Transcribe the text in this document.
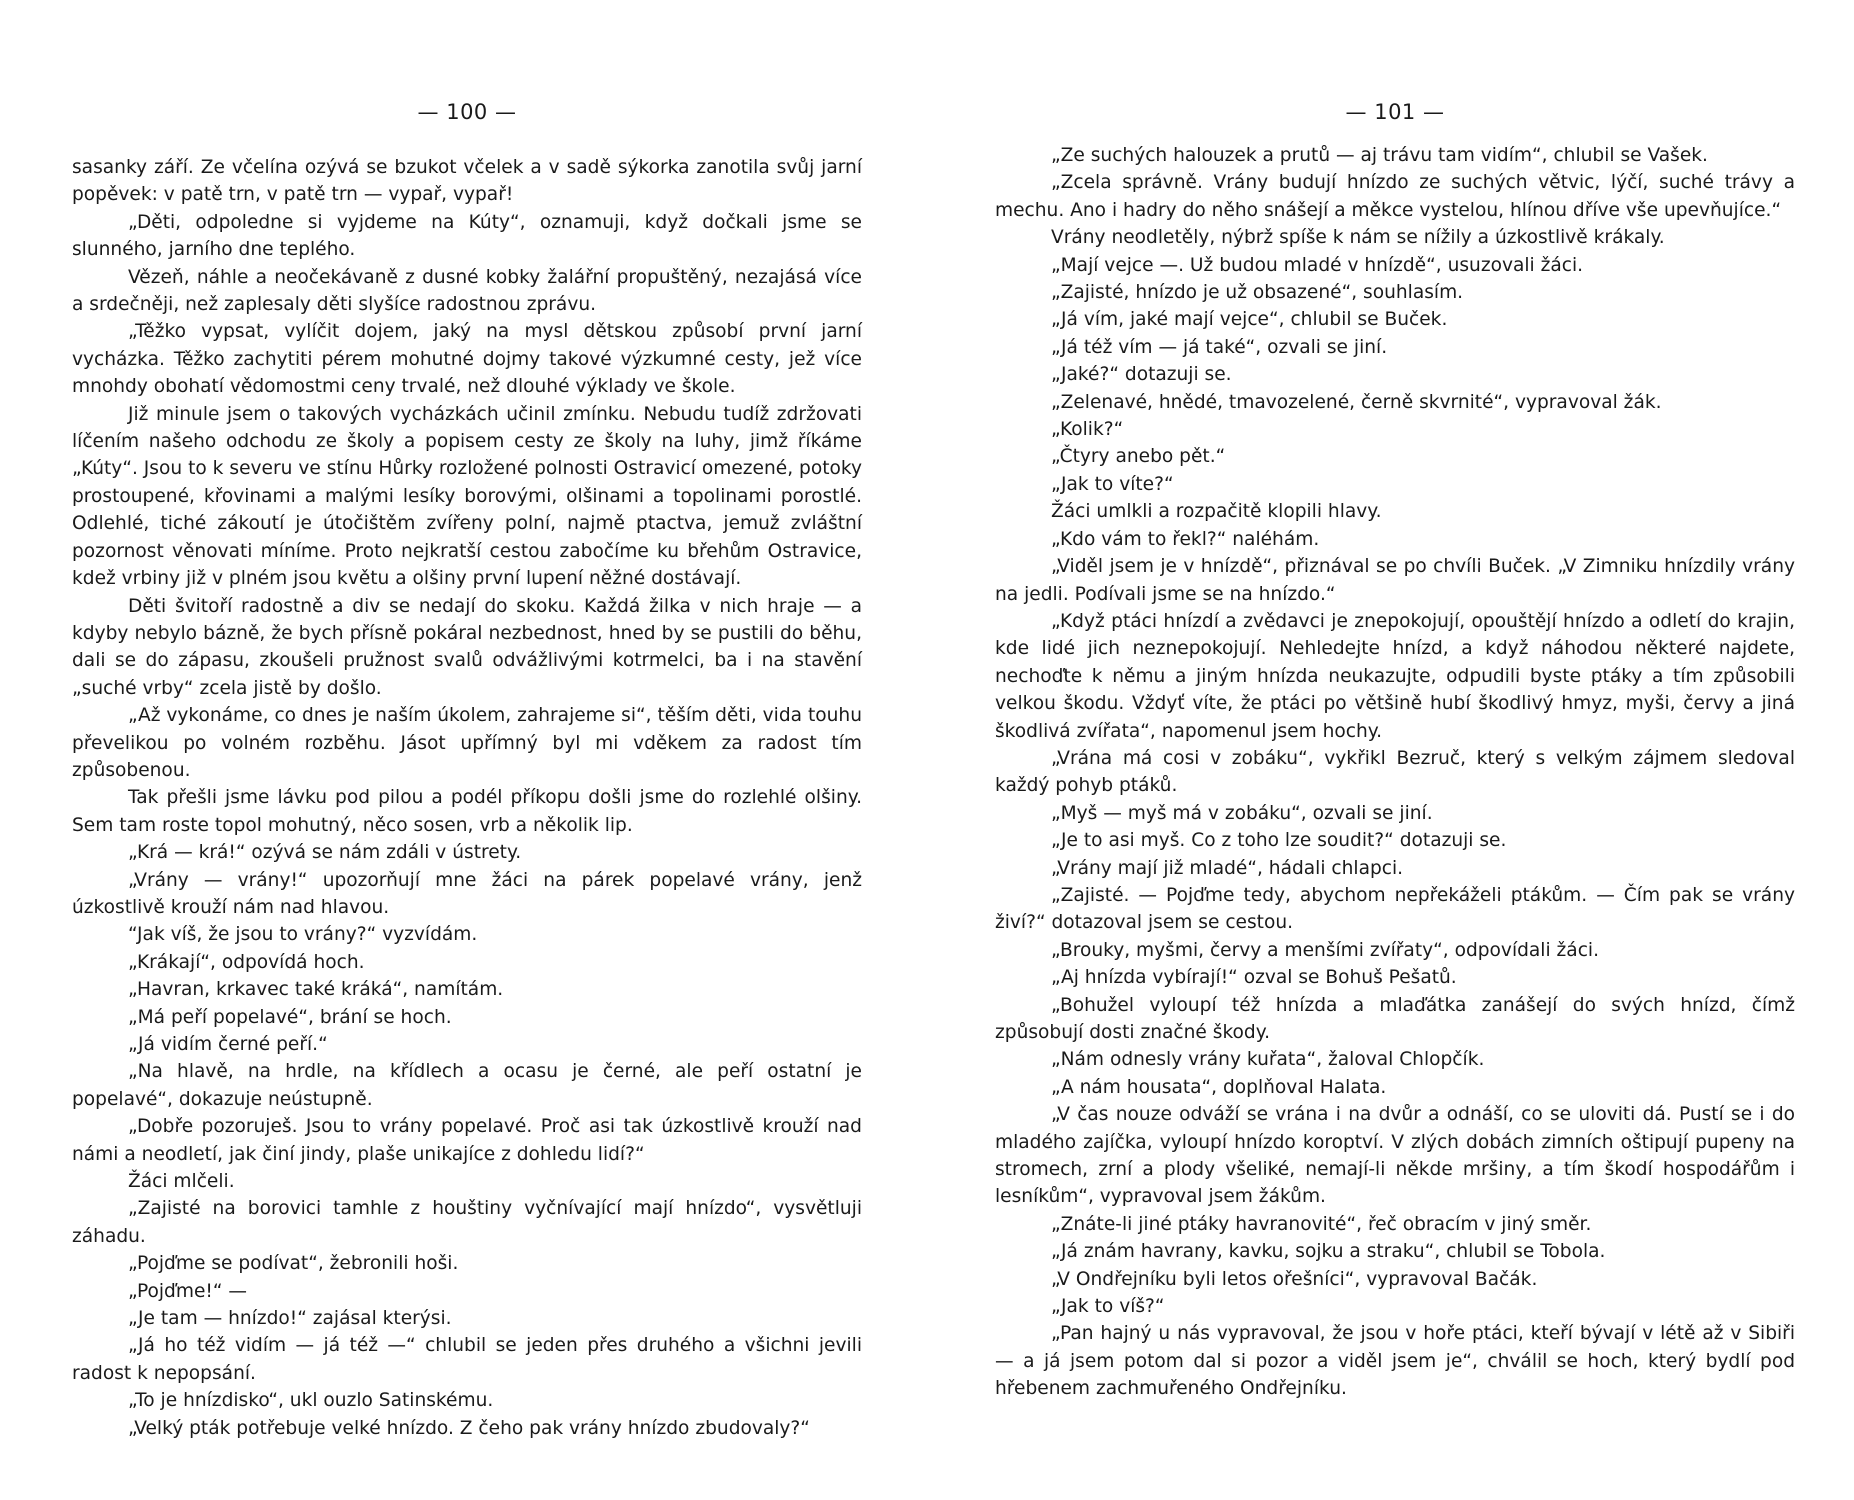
— 100 —

sasanky září. Ze včelína ozývá se bzukot včelek a v sadě sýkorka zanotila svůj jarní popěvek: v patě trn, v patě trn — vypař, vypař!

„Děti, odpoledne si vyjdeme na Kúty“, oznamuji, když dočkali jsme se slunného, jarního dne teplého.

Vězeň, náhle a neočekávaně z dusné kobky žalářní propuštěný, nezajásá více a srdečněji, než zaplesaly děti slyšíce radostnou zprávu.

„Těžko vypsat, vylíčit dojem, jaký na mysl dětskou způsobí první jarní vycházka. Těžko zachytiti pérem mohutné dojmy takové výzkumné cesty, jež více mnohdy obohatí vědomostmi ceny trvalé, než dlouhé výklady ve škole.

Již minule jsem o takových vycházkách učinil zmínku. Nebudu tudíž zdržovati líčením našeho odchodu ze školy a popisem cesty ze školy na luhy, jimž říkáme „Kúty“. Jsou to k severu ve stínu Hůrky rozložené polnosti Ostravicí omezené, potoky prostoupené, křovinami a malými lesíky borovými, olšinami a topolinami porostlé. Odlehlé, tiché zákoutí je útočištěm zvířeny polní, najmě ptactva, jemuž zvláštní pozornost věnovati míníme. Proto nejkratší cestou zabočíme ku břehům Ostravice, kdež vrbiny již v plném jsou květu a olšiny první lupení něžné dostávají.

Děti švitoří radostně a div se nedají do skoku. Každá žilka v nich hraje — a kdyby nebylo bázně, že bych přísně pokáral nezbednost, hned by se pustili do běhu, dali se do zápasu, zkoušeli pružnost svalů odvážlivými kotrmelci, ba i na stavění „suché vrby“ zcela jistě by došlo.

„Až vykonáme, co dnes je naším úkolem, zahrajeme si“, těším děti, vida touhu převelikou po volném rozběhu. Jásot upřímný byl mi vděkem za radost tím způsobenou.

Tak přešli jsme lávku pod pilou a podél příkopu došli jsme do rozlehlé olšiny. Sem tam roste topol mohutný, něco sosen, vrb a několik lip.

„Krá — krá!“ ozývá se nám zdáli v ústrety.

„Vrány — vrány!“ upozorňují mne žáci na párek popelavé vrány, jenž úzkostlivě krouží nám nad hlavou.

“Jak víš, že jsou to vrány?“ vyzvídám.

„Krákají“, odpovídá hoch.

„Havran, krkavec také kráká“, namítám.

„Má peří popelavé“, brání se hoch.

„Já vidím černé peří.“

„Na hlavě, na hrdle, na křídlech a ocasu je černé, ale peří ostatní je popelavé“, dokazuje neústupně.

„Dobře pozoruješ. Jsou to vrány popelavé. Proč asi tak úzkostlivě krouží nad námi a neodletí, jak činí jindy, plaše unikajíce z dohledu lidí?“

Žáci mlčeli.

„Zajisté na borovici tamhle z houštiny vyčnívající mají hnízdo“, vysvětluji záhadu.

„Pojďme se podívat“, žebronili hoši.

„Pojďme!“ —

„Je tam — hnízdo!“ zajásal kterýsi.

„Já ho též vidím — já též —“ chlubil se jeden přes druhého a všichni jevili radost k nepopsání.

„To je hnízdisko“, ukl ouzlo Satinskému.

„Velký pták potřebuje velké hnízdo. Z čeho pak vrány hnízdo zbudovaly?“

— 101 —

„Ze suchých halouzek a prutů — aj trávu tam vidím“, chlubil se Vašek.

„Zcela správně. Vrány budují hnízdo ze suchých větvic, lýčí, suché trávy a mechu. Ano i hadry do něho snášejí a měkce vystelou, hlínou dříve vše upevňujíce.“

Vrány neodletěly, nýbrž spíše k nám se nížily a úzkostlivě krákaly.

„Mají vejce —. Už budou mladé v hnízdě“, usuzovali žáci.

„Zajisté, hnízdo je už obsazené“, souhlasím.

„Já vím, jaké mají vejce“, chlubil se Buček.

„Já též vím — já také“, ozvali se jiní.

„Jaké?“ dotazuji se.

„Zelenavé, hnědé, tmavozelené, černě skvrnité“, vypravoval žák.

„Kolik?“

„Čtyry anebo pět.“

„Jak to víte?“

Žáci umlkli a rozpačitě klopili hlavy.

„Kdo vám to řekl?“ naléhám.

„Viděl jsem je v hnízdě“, přiznával se po chvíli Buček. „V Zimniku hnízdily vrány na jedli. Podívali jsme se na hnízdo.“

„Když ptáci hnízdí a zvědavci je znepokojují, opouštějí hnízdo a odletí do krajin, kde lidé jich neznepokojují. Nehledejte hnízd, a když náhodou některé najdete, nechoďte k němu a jiným hnízda neukazujte, odpudili byste ptáky a tím způsobili velkou škodu. Vždyť víte, že ptáci po většině hubí škodlivý hmyz, myši, červy a jiná škodlivá zvířata“, napomenul jsem hochy.

„Vrána má cosi v zobáku“, vykřikl Bezruč, který s velkým zájmem sledoval každý pohyb ptáků.

„Myš — myš má v zobáku“, ozvali se jiní.

„Je to asi myš. Co z toho lze soudit?“ dotazuji se.

„Vrány mají již mladé“, hádali chlapci.

„Zajisté. — Pojďme tedy, abychom nepřekáželi ptákům. — Čím pak se vrány živí?“ dotazoval jsem se cestou.

„Brouky, myšmi, červy a menšími zvířaty“, odpovídali žáci.

„Aj hnízda vybírají!“ ozval se Bohuš Pešatů.

„Bohužel vyloupí též hnízda a mlaďátka zanášejí do svých hnízd, čímž způsobují dosti značné škody.

„Nám odnesly vrány kuřata“, žaloval Chlopčík.

„A nám housata“, doplňoval Halata.

„V čas nouze odváží se vrána i na dvůr a odnáší, co se uloviti dá. Pustí se i do mladého zajíčka, vyloupí hnízdo koroptví. V zlých dobách zimních oštipují pupeny na stromech, zrní a plody všeliké, nemají-li někde mršiny, a tím škodí hospodářům i lesníkům“, vypravoval jsem žákům.

„Znáte-li jiné ptáky havranovité“, řeč obracím v jiný směr.

„Já znám havrany, kavku, sojku a straku“, chlubil se Tobola.

„V Ondřejníku byli letos ořešníci“, vypravoval Bačák.

„Jak to víš?“

„Pan hajný u nás vypravoval, že jsou v hoře ptáci, kteří bývají v létě až v Sibiři — a já jsem potom dal si pozor a viděl jsem je“, chválil se hoch, který bydlí pod hřebenem zachmuřeného Ondřejníku.
